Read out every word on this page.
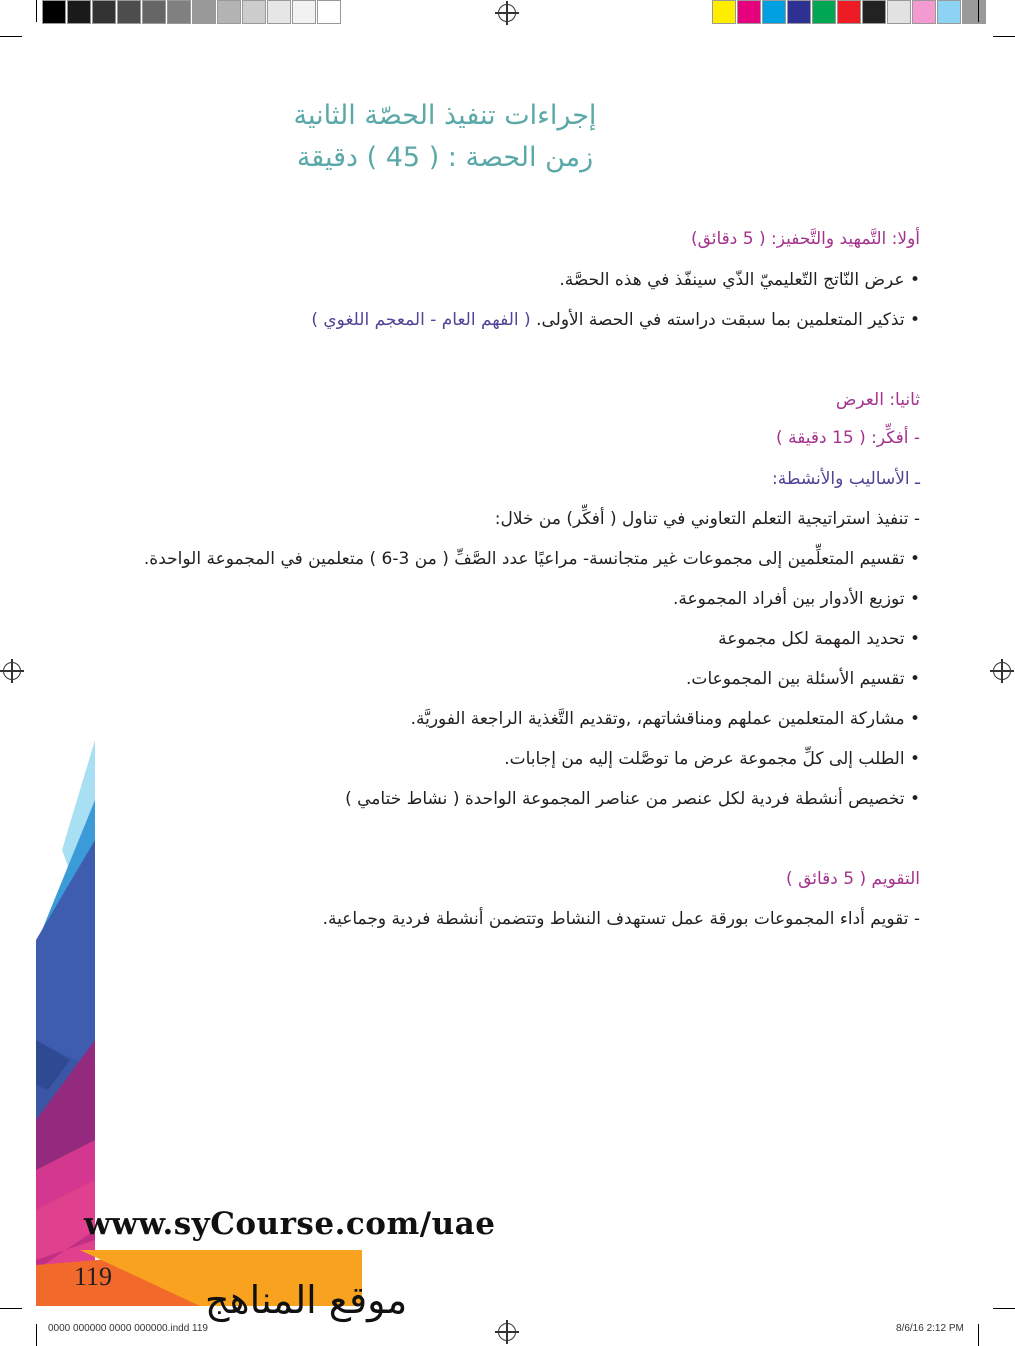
إجراءات تنفيذ الحصّة الثانية
زمن الحصة : ( 45 ) دقيقة
أولا: التَّمهيد والتَّحفيز: ( 5 دقائق)
• عرض النّاتج التّعليميّ الذّي سينفّذ في هذه الحصَّة.
• تذكير المتعلمين بما سبقت دراسته في الحصة الأولى. ( الفهم العام - المعجم اللغوي )
ثانيا: العرض
- أفكِّر: ( 15 دقيقة )
ـ الأساليب والأنشطة:
- تنفيذ استراتيجية التعلم التعاوني في تناول ( أفكِّر) من خلال:
• تقسيم المتعلِّمين إلى مجموعات غير متجانسة- مراعيًا عدد الصَّفِّ ( من 3-6 ) متعلمين في المجموعة الواحدة.
• توزيع الأدوار بين أفراد المجموعة.
• تحديد المهمة لكل مجموعة
• تقسيم الأسئلة بين المجموعات.
• مشاركة المتعلمين عملهم ومناقشاتهم، ,وتقديم التَّغذية الراجعة الفوريَّة.
• الطلب إلى كلِّ مجموعة عرض ما توصَّلت إليه من إجابات.
• تخصيص أنشطة فردية لكل عنصر من عناصر المجموعة الواحدة ( نشاط ختامي )
التقويم ( 5 دقائق )
- تقويم أداء المجموعات بورقة عمل تستهدف النشاط وتتضمن أنشطة فردية وجماعية.
www.syCourse.com/uae
119
موقع المناهج
0000 000000 0000 000000.indd 119	8/6/16 2:12 PM
